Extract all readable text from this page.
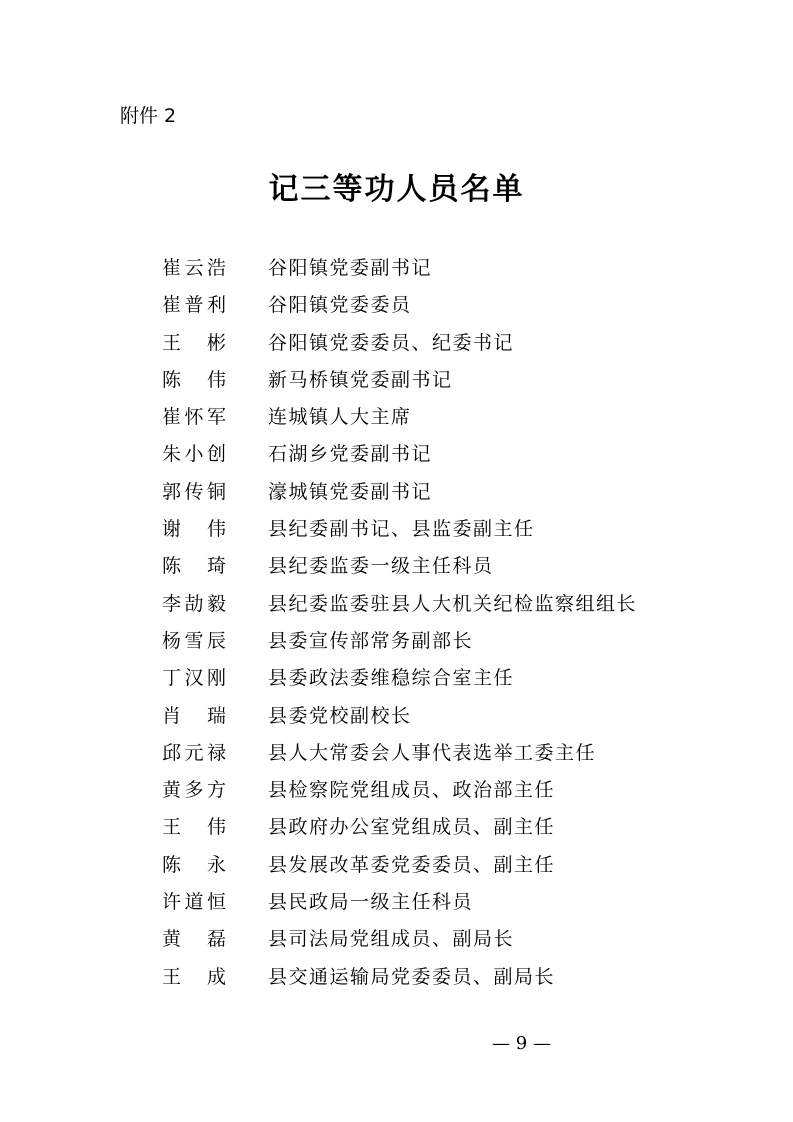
附件 2
记三等功人员名单
崔云浩 谷阳镇党委副书记
崔普利 谷阳镇党委委员
王彬 谷阳镇党委委员、纪委书记
陈伟 新马桥镇党委副书记
崔怀军 连城镇人大主席
朱小创 石湖乡党委副书记
郭传铜 濠城镇党委副书记
谢伟 县纪委副书记、县监委副主任
陈琦 县纪委监委一级主任科员
李劼毅 县纪委监委驻县人大机关纪检监察组组长
杨雪辰 县委宣传部常务副部长
丁汉刚 县委政法委维稳综合室主任
肖瑞 县委党校副校长
邱元禄 县人大常委会人事代表选举工委主任
黄多方 县检察院党组成员、政治部主任
王伟 县政府办公室党组成员、副主任
陈永 县发展改革委党委委员、副主任
许道恒 县民政局一级主任科员
黄磊 县司法局党组成员、副局长
王成 县交通运输局党委委员、副局长
— 9 —
